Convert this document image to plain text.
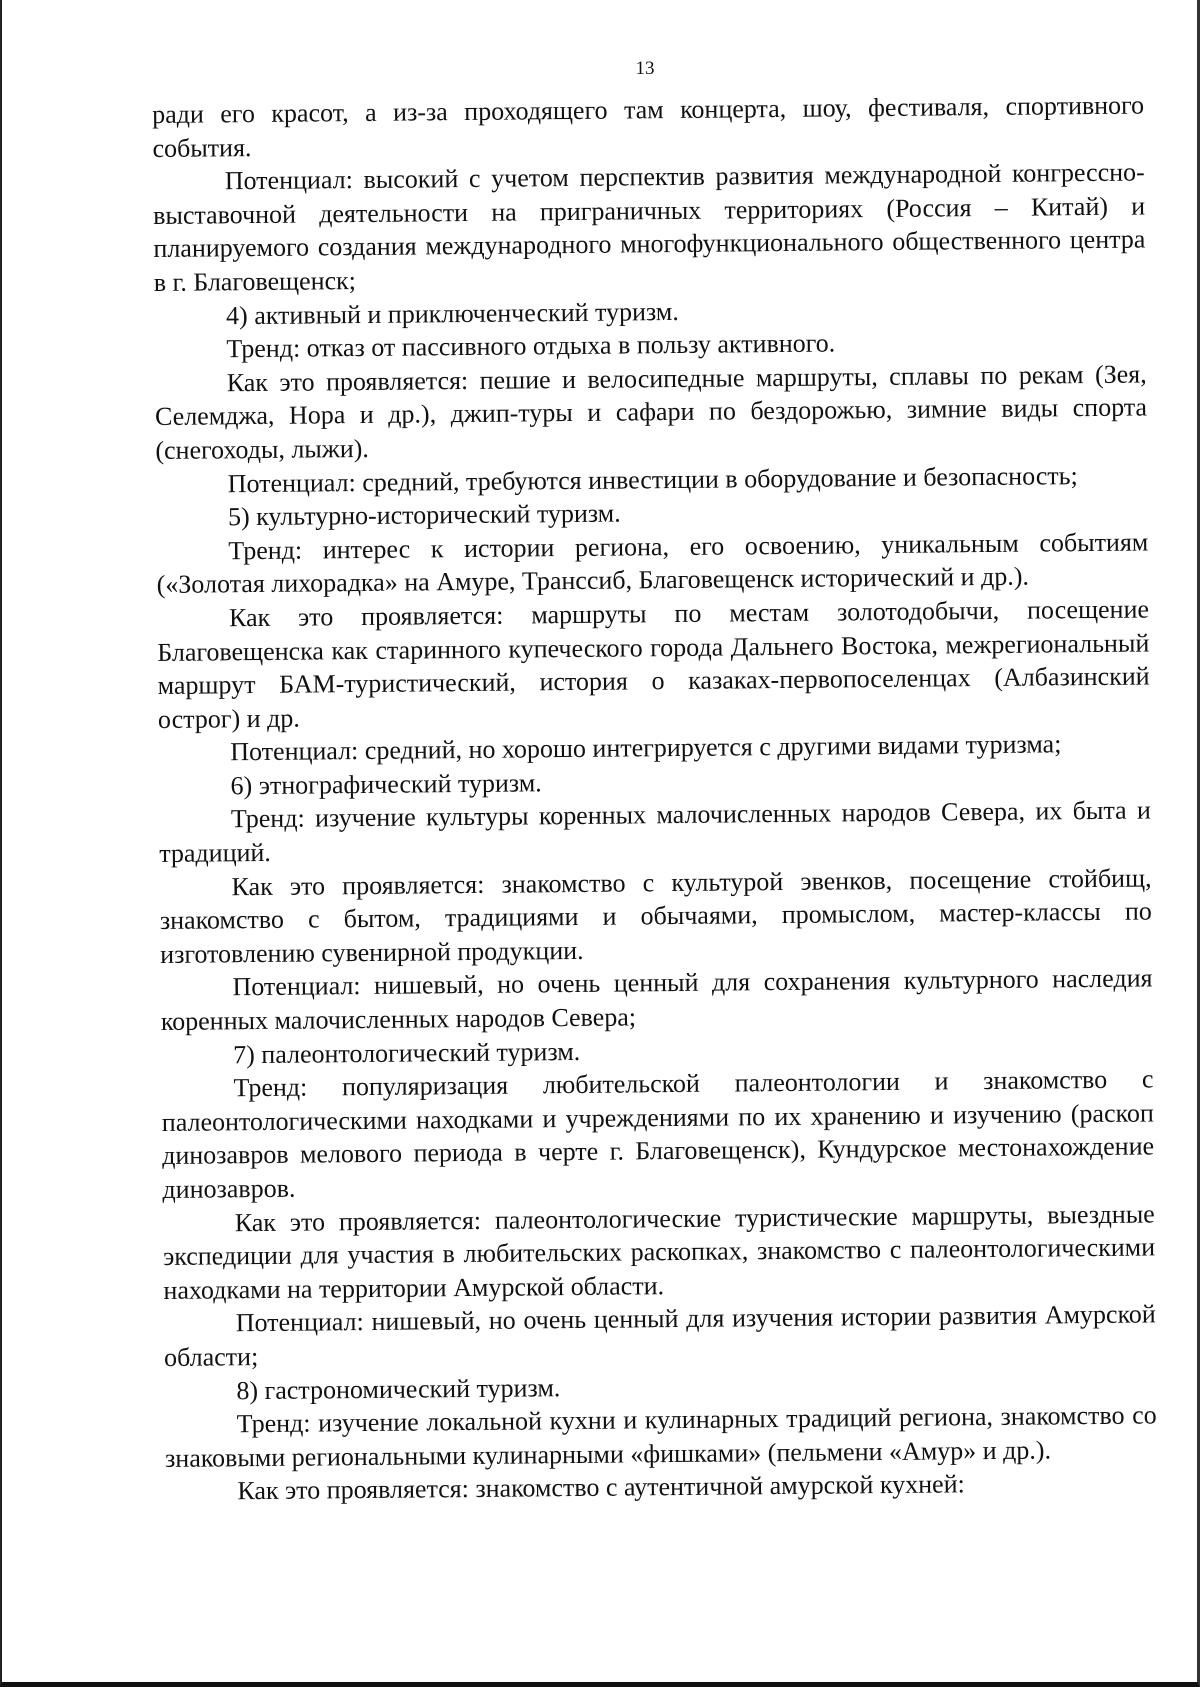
13

ради его красот, а из-за проходящего там концерта, шоу, фестиваля, спортивного события.

Потенциал: высокий с учетом перспектив развития международной конгрессно-выставочной деятельности на приграничных территориях (Россия – Китай) и планируемого создания международного многофункционального общественного центра в г. Благовещенск;

4) активный и приключенческий туризм.

Тренд: отказ от пассивного отдыха в пользу активного.

Как это проявляется: пешие и велосипедные маршруты, сплавы по рекам (Зея, Селемджа, Нора и др.), джип-туры и сафари по бездорожью, зимние виды спорта (снегоходы, лыжи).

Потенциал: средний, требуются инвестиции в оборудование и безопасность;

5) культурно-исторический туризм.

Тренд: интерес к истории региона, его освоению, уникальным событиям («Золотая лихорадка» на Амуре, Транссиб, Благовещенск исторический и др.).

Как это проявляется: маршруты по местам золотодобычи, посещение Благовещенска как старинного купеческого города Дальнего Востока, межрегиональный маршрут БАМ-туристический, история о казаках-первопоселенцах (Албазинский острог) и др.

Потенциал: средний, но хорошо интегрируется с другими видами туризма;

6) этнографический туризм.

Тренд: изучение культуры коренных малочисленных народов Севера, их быта и традиций.

Как это проявляется: знакомство с культурой эвенков, посещение стойбищ, знакомство с бытом, традициями и обычаями, промыслом, мастер-классы по изготовлению сувенирной продукции.

Потенциал: нишевый, но очень ценный для сохранения культурного наследия коренных малочисленных народов Севера;

7) палеонтологический туризм.

Тренд: популяризация любительской палеонтологии и знакомство с палеонтологическими находками и учреждениями по их хранению и изучению (раскоп динозавров мелового периода в черте г. Благовещенск), Кундурское местонахождение динозавров.

Как это проявляется: палеонтологические туристические маршруты, выездные экспедиции для участия в любительских раскопках, знакомство с палеонтологическими находками на территории Амурской области.

Потенциал: нишевый, но очень ценный для изучения истории развития Амурской области;

8) гастрономический туризм.

Тренд: изучение локальной кухни и кулинарных традиций региона, знакомство со знаковыми региональными кулинарными «фишками» (пельмени «Амур» и др.).

Как это проявляется: знакомство с аутентичной амурской кухней:
